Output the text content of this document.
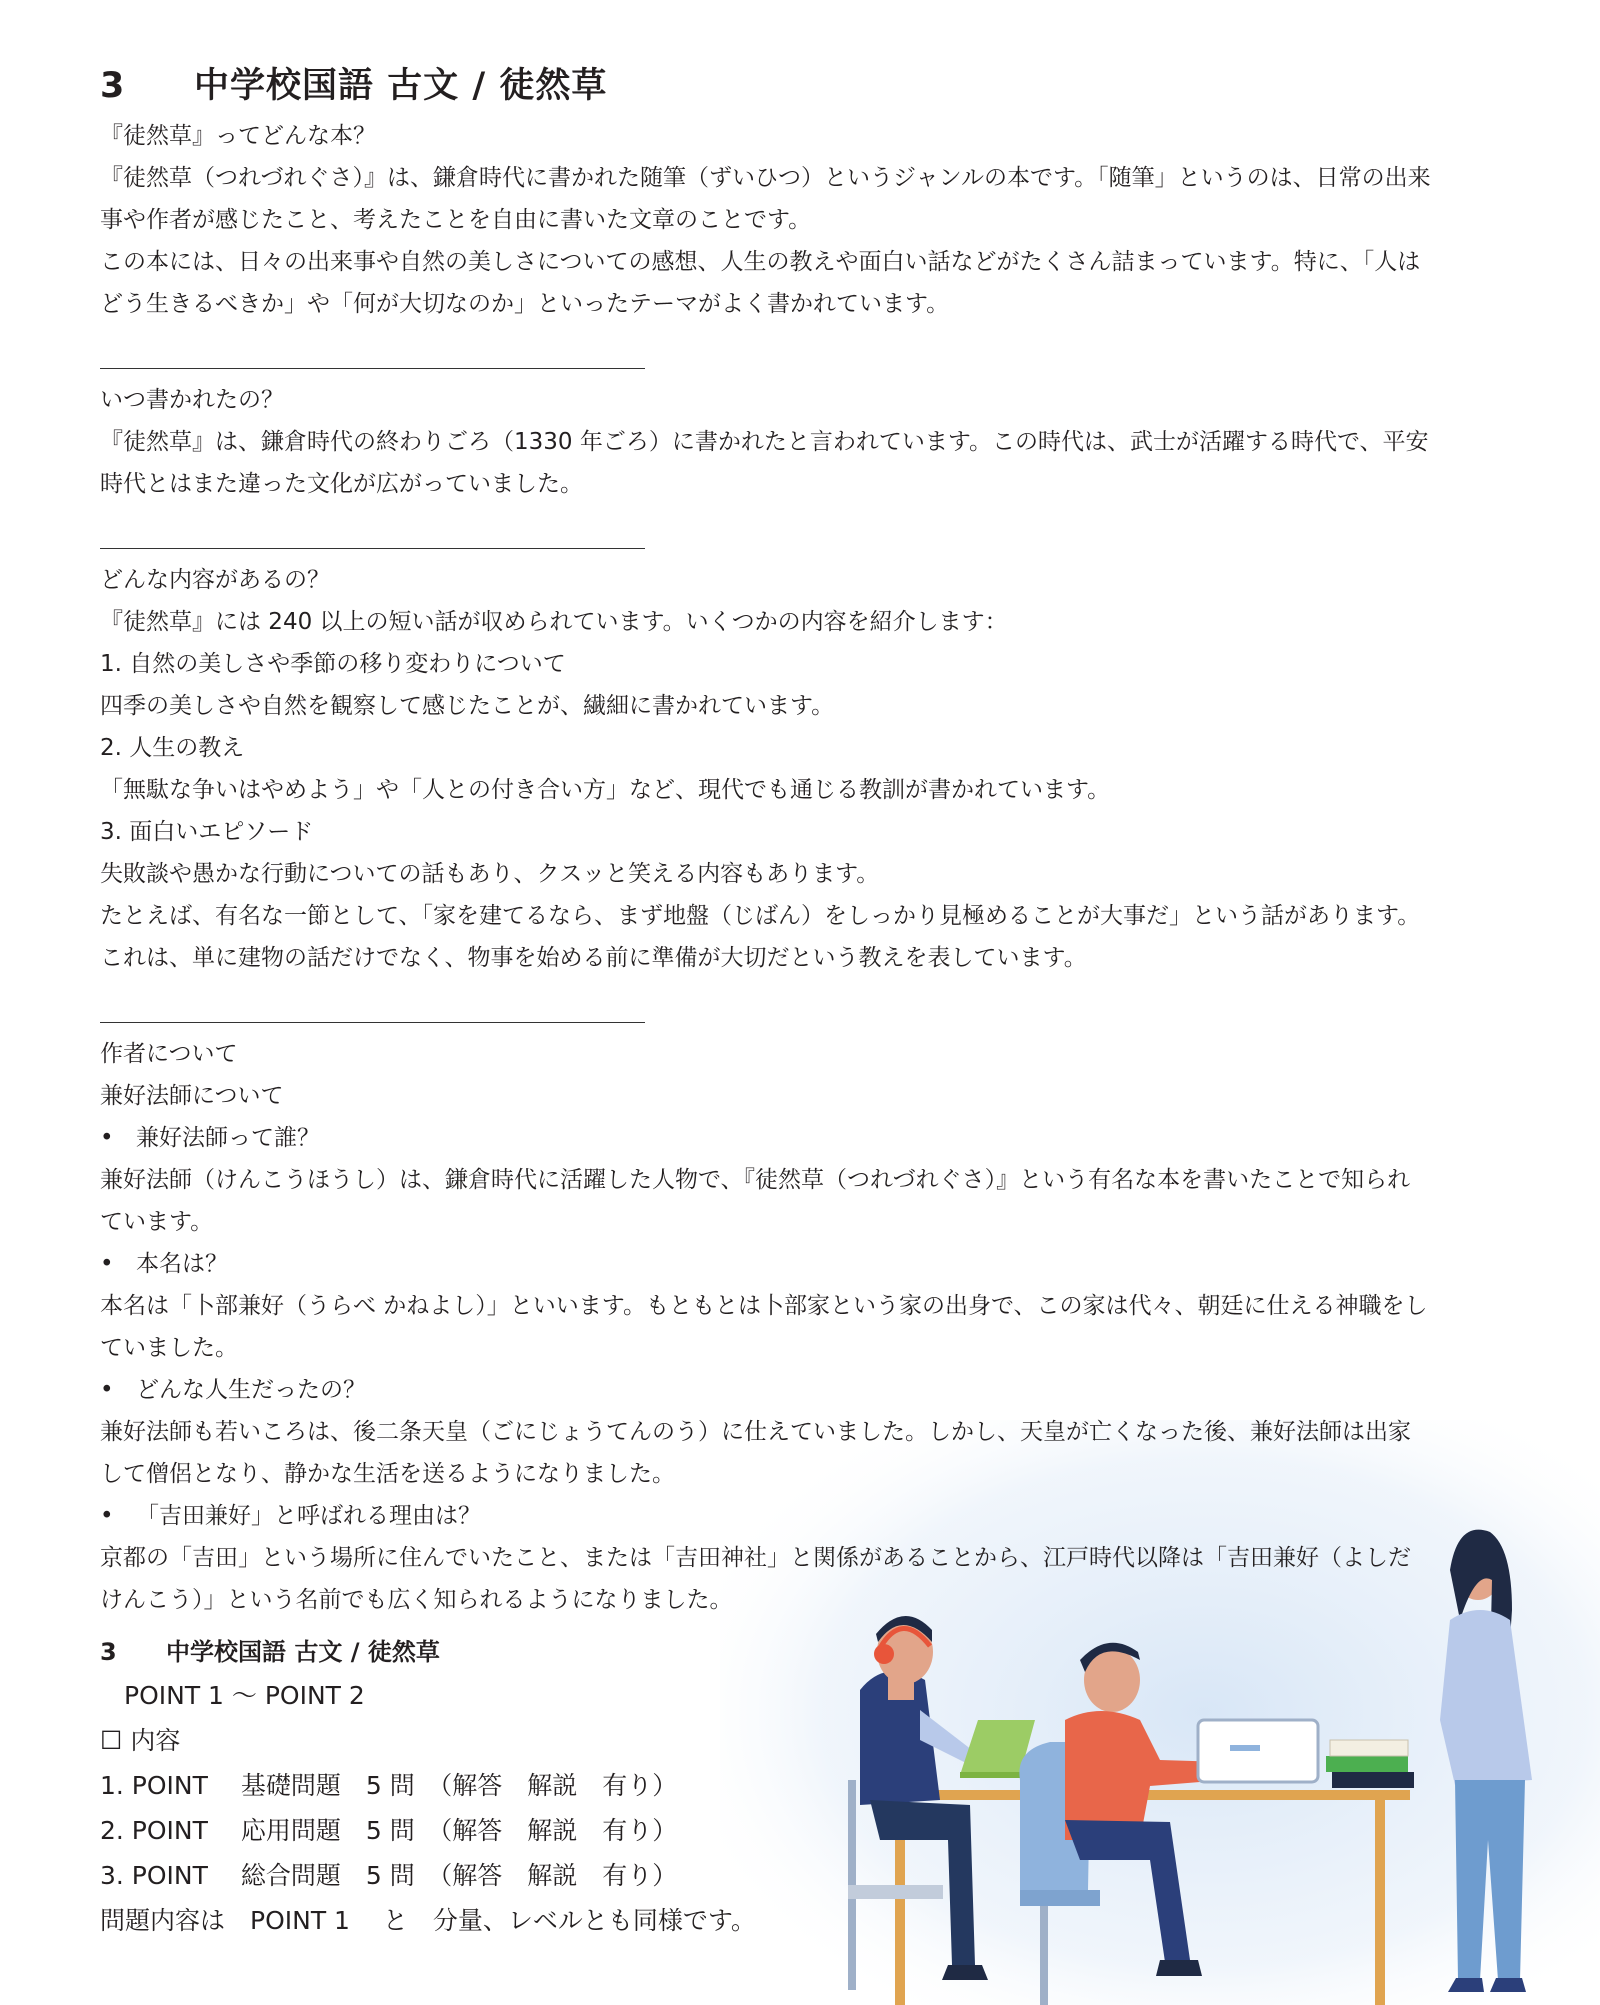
3 中学校国語 古文 / 徒然草
『徒然草』ってどんな本？
『徒然草（つれづれぐさ）』は、鎌倉時代に書かれた随筆（ずいひつ）というジャンルの本です。「随筆」というのは、日常の出来
事や作者が感じたこと、考えたことを自由に書いた文章のことです。
この本には、日々の出来事や自然の美しさについての感想、人生の教えや面白い話などがたくさん詰まっています。特に、「人は
どう生きるべきか」や「何が大切なのか」といったテーマがよく書かれています。
いつ書かれたの？
『徒然草』は、鎌倉時代の終わりごろ（1330 年ごろ）に書かれたと言われています。この時代は、武士が活躍する時代で、平安
時代とはまた違った文化が広がっていました。
どんな内容があるの？
『徒然草』には 240 以上の短い話が収められています。いくつかの内容を紹介します：
1. 自然の美しさや季節の移り変わりについて
四季の美しさや自然を観察して感じたことが、繊細に書かれています。
2. 人生の教え
「無駄な争いはやめよう」や「人との付き合い方」など、現代でも通じる教訓が書かれています。
3. 面白いエピソード
失敗談や愚かな行動についての話もあり、クスッと笑える内容もあります。
たとえば、有名な一節として、「家を建てるなら、まず地盤（じばん）をしっかり見極めることが大事だ」という話があります。
これは、単に建物の話だけでなく、物事を始める前に準備が大切だという教えを表しています。
作者について
兼好法師について
• 兼好法師って誰？
兼好法師（けんこうほうし）は、鎌倉時代に活躍した人物で、『徒然草（つれづれぐさ）』という有名な本を書いたことで知られ
ています。
• 本名は？
本名は「卜部兼好（うらべ かねよし）」といいます。もともとは卜部家という家の出身で、この家は代々、朝廷に仕える神職をし
ていました。
• どんな人生だったの？
兼好法師も若いころは、後二条天皇（ごにじょうてんのう）に仕えていました。しかし、天皇が亡くなった後、兼好法師は出家
して僧侶となり、静かな生活を送るようになりました。
• 「吉田兼好」と呼ばれる理由は？
京都の「吉田」という場所に住んでいたこと、または「吉田神社」と関係があることから、江戸時代以降は「吉田兼好（よしだ
けんこう）」という名前でも広く知られるようになりました。
3 中学校国語 古文 / 徒然草
POINT 1 〜 POINT 2
☐ 内容
1. POINT　 基礎問題　5 問　（解答　解説　有り）
2. POINT　 応用問題　5 問　（解答　解説　有り）
3. POINT　 総合問題　5 問　（解答　解説　有り）
問題内容は　POINT 1　 と　分量、レベルとも同様です。
